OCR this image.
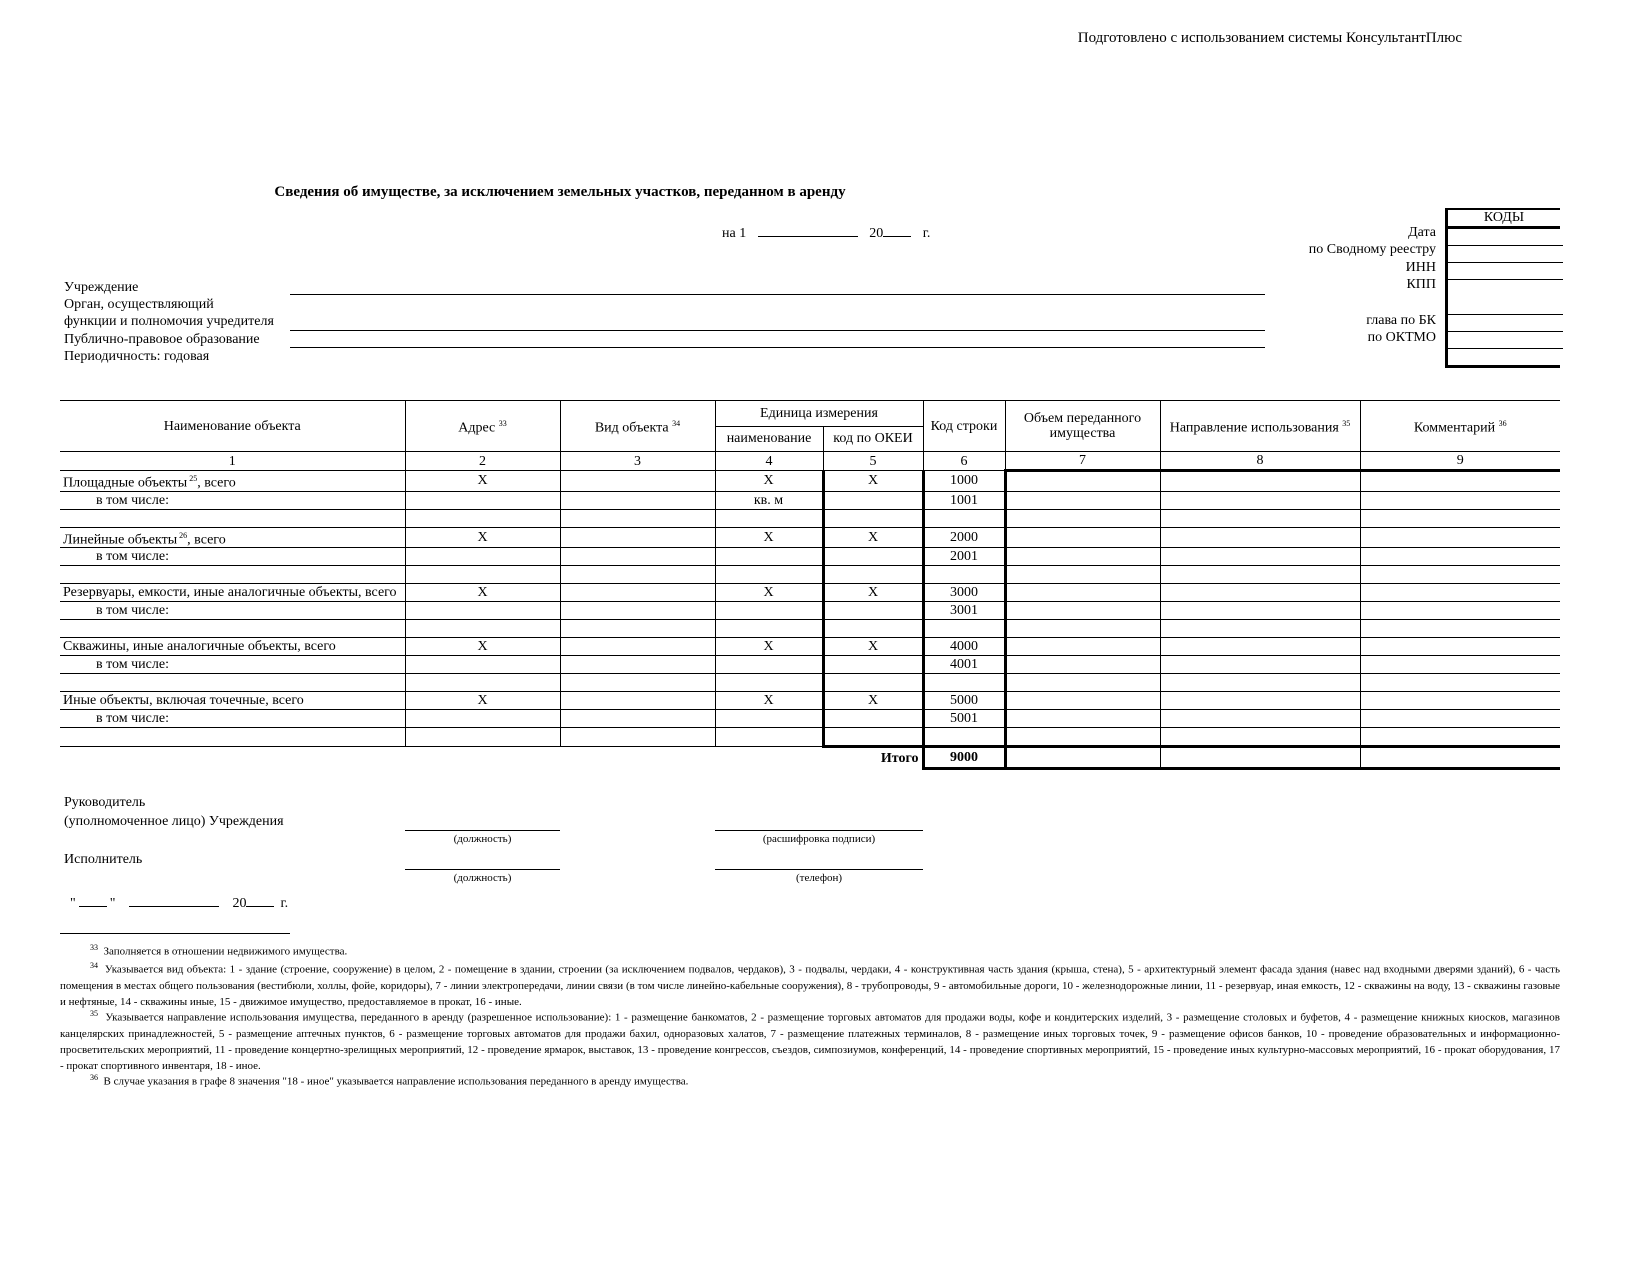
Подготовлено с использованием системы КонсультантПлюс
Сведения об имуществе, за исключением земельных участков, переданном в аренду
на 1	20	г.
Учреждение
Орган, осуществляющий
функции и полномочия учредителя
Публично-правовое образование
Периодичность: годовая
Дата
по Сводному реестру
ИНН
КПП
глава по БК
по ОКТМО
КОДЫ

Наименование объекта	Адрес $^{33}$	Вид объекта $^{34}$	Единица измерения		Код строки	Объем переданного имущества	Направление использования $^{35}$	Комментарий $^{36}$
			наименование	код по ОКЕИ				
1	2	3	4	5	6	7	8	9
Площадные объекты $^{25}$, всего	X		X	X	1000			
в том числе:			кв. м		1001			

Линейные объекты $^{26}$, всего	X		X	X	2000			
в том числе:					2001			

Резервуары, емкости, иные аналогичные объекты, всего	X		X	X	3000			
в том числе:					3001			

Скважины, иные аналогичные объекты, всего	X		X	X	4000			
в том числе:					4001			

Иные объекты, включая точечные, всего	X		X	X	5000			
в том числе:					5001			

Итого					9000			
Руководитель
(уполномоченное лицо) Учреждения
(должность)	(расшифровка подписи)
Исполнитель
(должность)	(телефон)
" "	20 г.
$^{33}$ Заполняется в отношении недвижимого имущества.
$^{34}$ Указывается вид объекта: 1 - здание (строение, сооружение) в целом, 2 - помещение в здании, строении (за исключением подвалов, чердаков), 3 - подвалы, чердаки, 4 - конструктивная часть здания (крыша, стена), 5 - архитектурный элемент фасада здания (навес над входными дверями зданий), 6 - часть помещения в местах общего пользования (вестибюли, холлы, фойе, коридоры), 7 - линии электропередачи, линии связи (в том числе линейно-кабельные сооружения), 8 - трубопроводы, 9 - автомобильные дороги, 10 - железнодорожные линии, 11 - резервуар, иная емкость, 12 - скважины на воду, 13 - скважины газовые и нефтяные, 14 - скважины иные, 15 - движимое имущество, предоставляемое в прокат, 16 - иные.
$^{35}$ Указывается направление использования имущества, переданного в аренду (разрешенное использование): 1 - размещение банкоматов, 2 - размещение торговых автоматов для продажи воды, кофе и кондитерских изделий, 3 - размещение столовых и буфетов, 4 - размещение книжных киосков, магазинов канцелярских принадлежностей, 5 - размещение аптечных пунктов, 6 - размещение торговых автоматов для продажи бахил, одноразовых халатов, 7 - размещение платежных терминалов, 8 - размещение иных торговых точек, 9 - размещение офисов банков, 10 - проведение образовательных и информационно-просветительских мероприятий, 11 - проведение концертно-зрелищных мероприятий, 12 - проведение ярмарок, выставок, 13 - проведение конгрессов, съездов, симпозиумов, конференций, 14 - проведение спортивных мероприятий, 15 - проведение иных культурно-массовых мероприятий, 16 - прокат оборудования, 17 - прокат спортивного инвентаря, 18 - иное.
$^{36}$ В случае указания в графе 8 значения "18 - иное" указывается направление использования переданного в аренду имущества.
